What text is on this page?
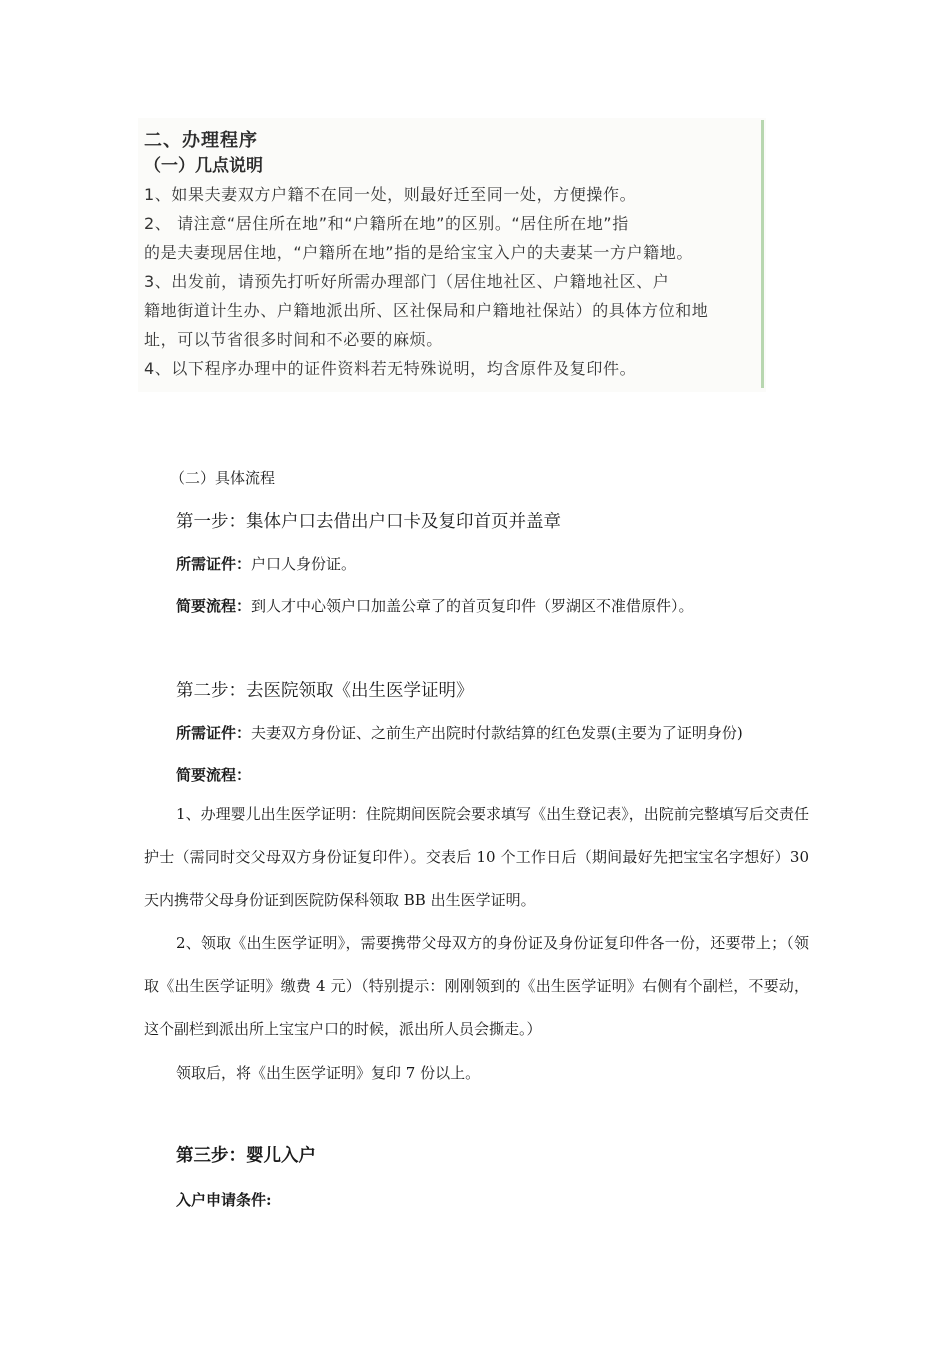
二、办理程序

（一）几点说明

1、如果夫妻双方户籍不在同一处，则最好迁至同一处，方便操作。

2、 请注意“居住所在地”和“户籍所在地”的区别。“居住所在地”指

的是夫妻现居住地，“户籍所在地”指的是给宝宝入户的夫妻某一方户籍地。

3、出发前，请预先打听好所需办理部门（居住地社区、户籍地社区、户

籍地街道计生办、户籍地派出所、区社保局和户籍地社保站）的具体方位和地

址，可以节省很多时间和不必要的麻烦。

4、以下程序办理中的证件资料若无特殊说明，均含原件及复印件。

（二）具体流程
第一步：集体户口去借出户口卡及复印首页并盖章
所需证件：户口人身份证。
简要流程：到人才中心领户口加盖公章了的首页复印件（罗湖区不准借原件）。
第二步：去医院领取《出生医学证明》
所需证件：夫妻双方身份证、之前生产出院时付款结算的红色发票(主要为了证明身份)
简要流程：

1、办理婴儿出生医学证明：住院期间医院会要求填写《出生登记表》，出院前完整填写后交责任护士（需同时交父母双方身份证复印件）。交表后 10 个工作日后（期间最好先把宝宝名字想好）30 天内携带父母身份证到医院防保科领取 BB 出生医学证明。

2、领取《出生医学证明》，需要携带父母双方的身份证及身份证复印件各一份，还要带上；（领取《出生医学证明》缴费 4 元）（特别提示：刚刚领到的《出生医学证明》右侧有个副栏，不要动，这个副栏到派出所上宝宝户口的时候，派出所人员会撕走。）

领取后，将《出生医学证明》复印 7 份以上。
第三步：婴儿入户
入户申请条件:
